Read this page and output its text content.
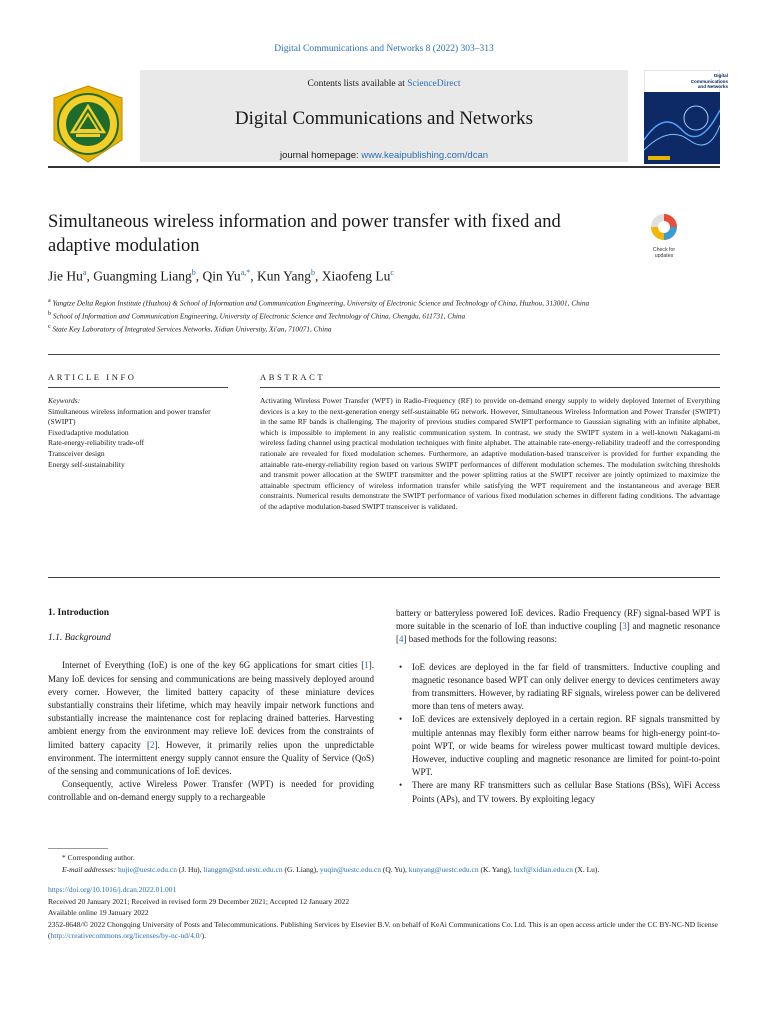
Digital Communications and Networks 8 (2022) 303–313
Contents lists available at ScienceDirect
Digital Communications and Networks
journal homepage: www.keaipublishing.com/dcan
Digital Communications
and Networks
Simultaneous wireless information and power transfer with fixed and adaptive modulation	Check for
updates
Jie Hu$^a$, Guangming Liang$^b$, Qin $Yu^{a,*}$, Kun Yang$^b$, Xiaofeng Lu$^c$
$^a$ Yangtze Delta Region Institute (Huzhou) & School of Information and Communication Engineering, University of Electronic Science and Technology of China, Huzhou, 313001, China
$^b$ School of Information and Communication Engineering, University of Electronic Science and Technology of China, Chengdu, 611731, China
$^c$ State Key Laboratory of Integrated Services Networks, Xidian University, Xi'an, 710071, China
ARTICLE INFO	ABSTRACT
Keywords:
Simultaneous wireless information and power transfer (SWIPT)
Fixed/adaptive modulation
Rate-energy-reliability trade-off
Transceiver design
Energy self-sustainability
Activating Wireless Power Transfer (WPT) in Radio-Frequency (RF) to provide on-demand energy supply to widely deployed Internet of Everything devices is a key to the next-generation energy self-sustainable 6G network. However, Simultaneous Wireless Information and Power Transfer (SWIPT) in the same RF bands is challenging. The majority of previous studies compared SWIPT performance to Gaussian signaling with an infinite alphabet, which is impossible to implement in any realistic communication system. In contrast, we study the SWIPT system in a well-known Nakagami-m wireless fading channel using practical modulation techniques with finite alphabet. The attainable rate-energy-reliability tradeoff and the corresponding rationale are revealed for fixed modulation schemes. Furthermore, an adaptive modulation-based transceiver is provided for further expanding the attainable rate-energy-reliability region based on various SWIPT performances of different modulation schemes. The modulation switching thresholds and transmit power allocation at the SWIPT transmitter and the power splitting ratios at the SWIPT receiver are jointly optimized to maximize the attainable spectrum efficiency of wireless information transfer while satisfying the WPT requirement and the instantaneous and average BER constraints. Numerical results demonstrate the SWIPT performance of various fixed modulation schemes in different fading conditions. The advantage of the adaptive modulation-based SWIPT transceiver is validated.
1. Introduction
1.1. Background

Internet of Everything (IoE) is one of the key 6G applications for smart cities [1]. Many IoE devices for sensing and communications are being massively deployed around every corner. However, the limited battery capacity of these miniature devices substantially constrains their lifetime, which may heavily impair network functions and substantially increase the maintenance cost for replacing drained batteries. Harvesting ambient energy from the environment may relieve IoE devices from the constraints of limited battery capacity [2]. However, it primarily relies upon the unpredictable environment. The intermittent energy supply cannot ensure the Quality of Service (QoS) of the sensing and communications of IoE devices.

Consequently, active Wireless Power Transfer (WPT) is needed for providing controllable and on-demand energy supply to a rechargeable

battery or batteryless powered IoE devices. Radio Frequency (RF) signal-based WPT is more suitable in the scenario of IoE than inductive coupling [3] and magnetic resonance [4] based methods for the following reasons:

• IoE devices are deployed in the far field of transmitters. Inductive coupling and magnetic resonance based WPT can only deliver energy to devices centimeters away from transmitters. However, by radiating RF signals, wireless power can be delivered more than tens of meters away.
• IoE devices are extensively deployed in a certain region. RF signals transmitted by multiple antennas may flexibly form either narrow beams for high-energy point-to-point WPT, or wide beams for wireless power multicast toward multiple devices. However, inductive coupling and magnetic resonance are limited for point-to-point WPT.
• There are many RF transmitters such as cellular Base Stations (BSs), WiFi Access Points (APs), and TV towers. By exploiting legacy
* Corresponding author.
E-mail addresses: hujie@uestc.edu.cn (J. Hu), lianggm@std.uestc.edu.cn (G. Liang), yuqin@uestc.edu.cn (Q. Yu), kunyang@uestc.edu.cn (K. Yang), luxf@xidian.edu.cn (X. Lu).
https://doi.org/10.1016/j.dcan.2022.01.001
Received 20 January 2021; Received in revised form 29 December 2021; Accepted 12 January 2022
Available online 19 January 2022
2352-8648/© 2022 Chongqing University of Posts and Telecommunications. Publishing Services by Elsevier B.V. on behalf of KeAi Communications Co. Ltd. This is an open access article under the CC BY-NC-ND license (http://creativecommons.org/licenses/by-nc-nd/4.0/).
